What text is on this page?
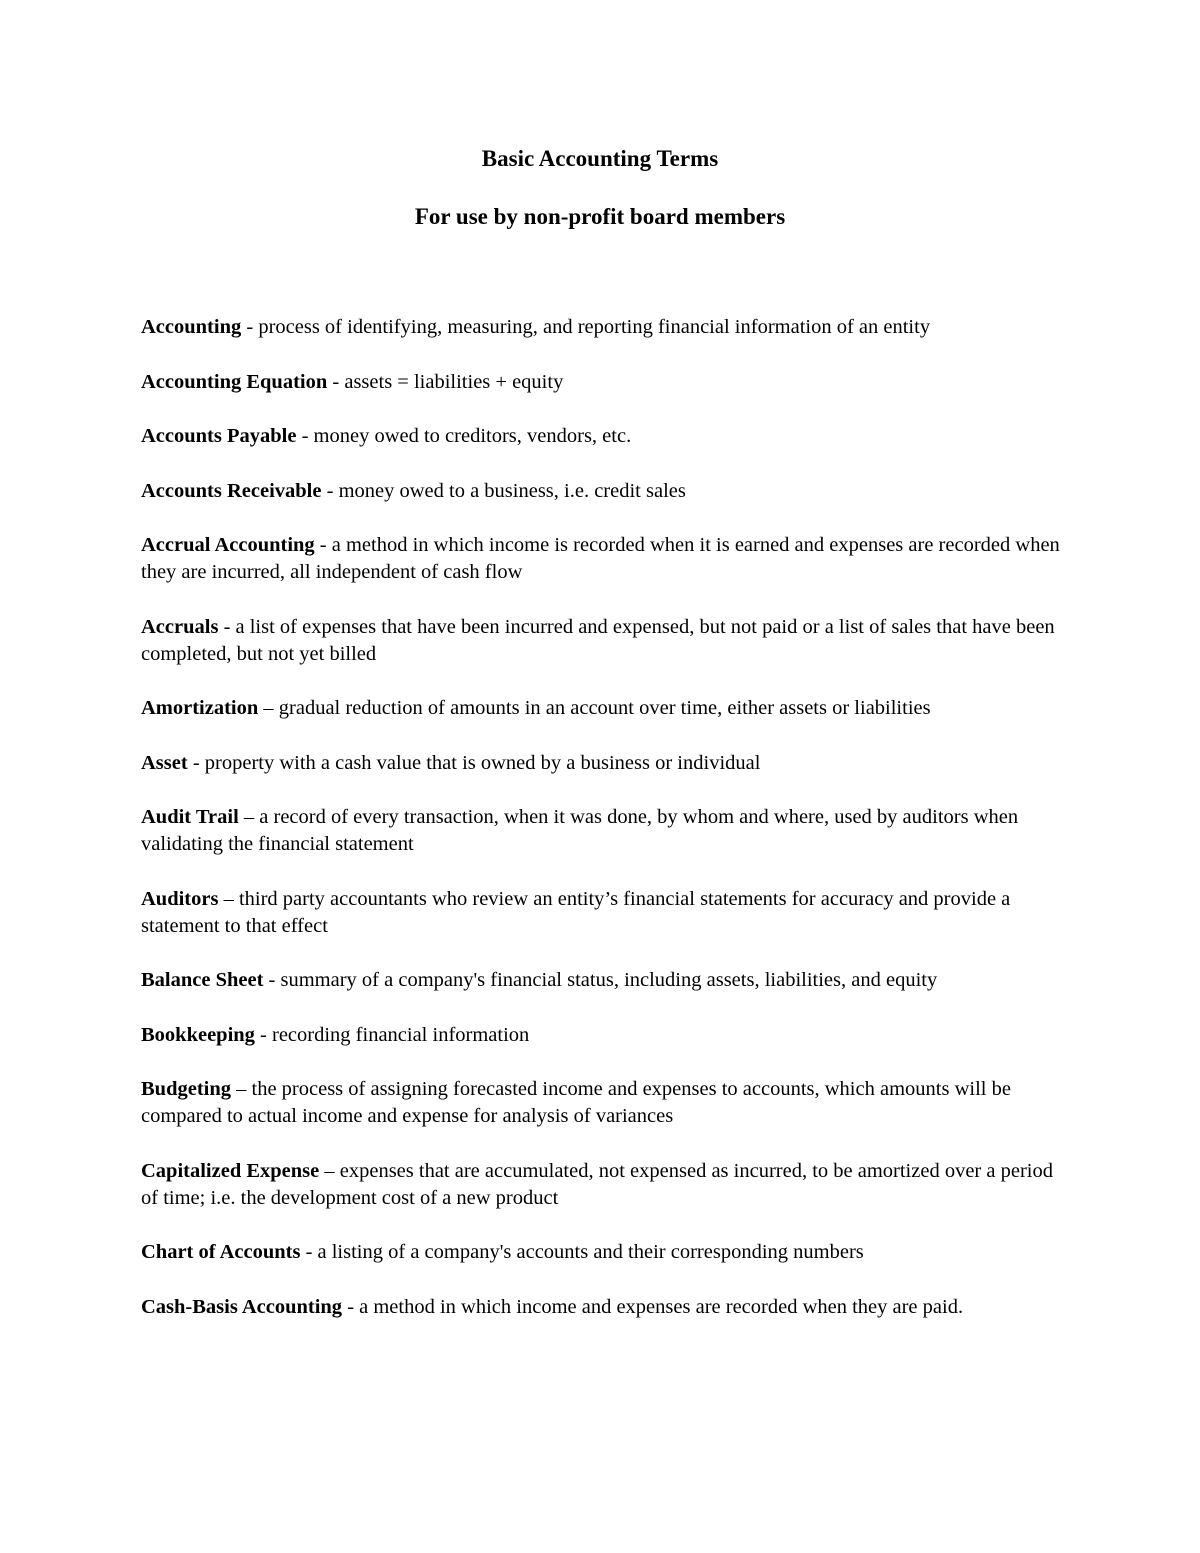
Basic Accounting Terms
For use by non-profit board members

Accounting - process of identifying, measuring, and reporting financial information of an entity

Accounting Equation - assets = liabilities + equity

Accounts Payable - money owed to creditors, vendors, etc.

Accounts Receivable - money owed to a business, i.e. credit sales

Accrual Accounting - a method in which income is recorded when it is earned and expenses are recorded when they are incurred, all independent of cash flow

Accruals - a list of expenses that have been incurred and expensed, but not paid or a list of sales that have been completed, but not yet billed

Amortization – gradual reduction of amounts in an account over time, either assets or liabilities

Asset - property with a cash value that is owned by a business or individual

Audit Trail – a record of every transaction, when it was done, by whom and where, used by auditors when validating the financial statement

Auditors – third party accountants who review an entity’s financial statements for accuracy and provide a statement to that effect

Balance Sheet - summary of a company's financial status, including assets, liabilities, and equity

Bookkeeping - recording financial information

Budgeting – the process of assigning forecasted income and expenses to accounts, which amounts will be compared to actual income and expense for analysis of variances

Capitalized Expense – expenses that are accumulated, not expensed as incurred, to be amortized over a period of time; i.e. the development cost of a new product

Chart of Accounts - a listing of a company's accounts and their corresponding numbers

Cash-Basis Accounting - a method in which income and expenses are recorded when they are paid.
